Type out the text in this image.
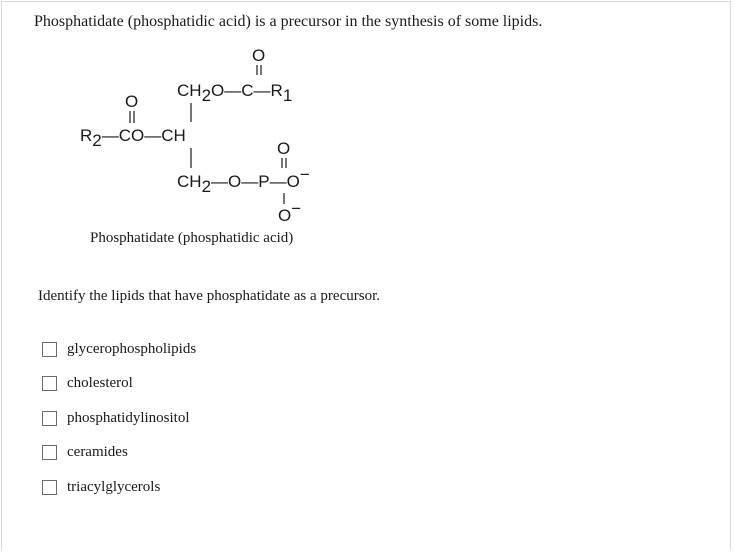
Phosphatidate (phosphatidic acid) is a precursor in the synthesis of some lipids.

O
CH2O—C—R1
O
R2—CO—CH
O
CH2—O—P—O−
O−

Phosphatidate (phosphatidic acid)

Identify the lipids that have phosphatidate as a precursor.

glycerophospholipids
cholesterol
phosphatidylinositol
ceramides
triacylglycerols
